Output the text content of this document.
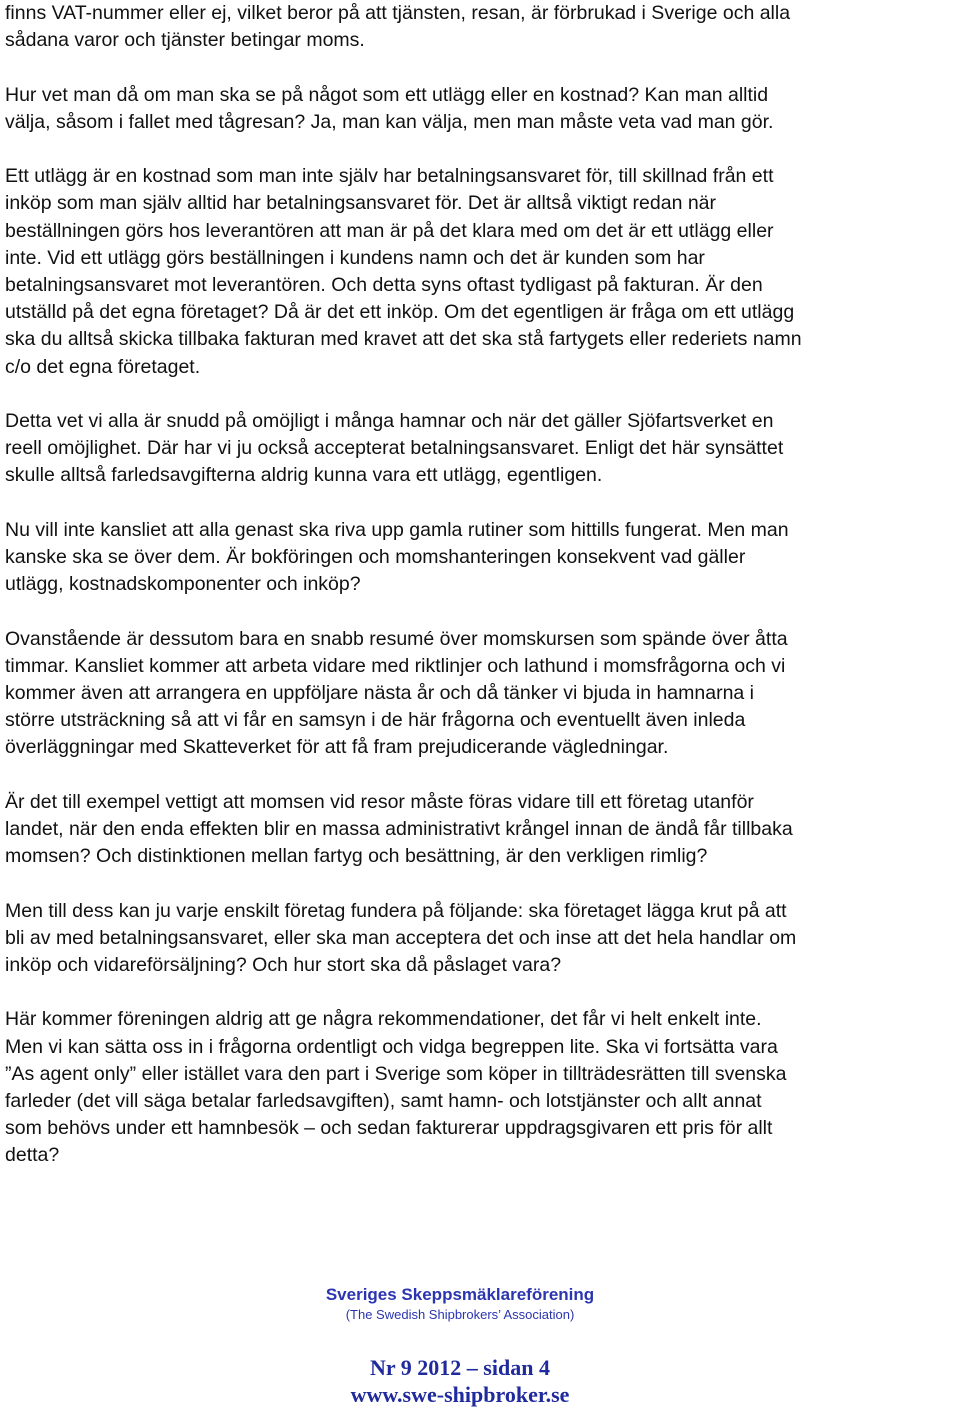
finns VAT-nummer eller ej, vilket beror på att tjänsten, resan, är förbrukad i Sverige och alla
sådana varor och tjänster betingar moms.

Hur vet man då om man ska se på något som ett utlägg eller en kostnad? Kan man alltid
välja, såsom i fallet med tågresan? Ja, man kan välja, men man måste veta vad man gör.

Ett utlägg är en kostnad som man inte själv har betalningsansvaret för, till skillnad från ett
inköp som man själv alltid har betalningsansvaret för. Det är alltså viktigt redan när
beställningen görs hos leverantören att man är på det klara med om det är ett utlägg eller
inte. Vid ett utlägg görs beställningen i kundens namn och det är kunden som har
betalningsansvaret mot leverantören. Och detta syns oftast tydligast på fakturan. Är den
utställd på det egna företaget? Då är det ett inköp. Om det egentligen är fråga om ett utlägg
ska du alltså skicka tillbaka fakturan med kravet att det ska stå fartygets eller rederiets namn
c/o det egna företaget.

Detta vet vi alla är snudd på omöjligt i många hamnar och när det gäller Sjöfartsverket en
reell omöjlighet. Där har vi ju också accepterat betalningsansvaret. Enligt det här synsättet
skulle alltså farledsavgifterna aldrig kunna vara ett utlägg, egentligen.

Nu vill inte kansliet att alla genast ska riva upp gamla rutiner som hittills fungerat. Men man
kanske ska se över dem. Är bokföringen och momshanteringen konsekvent vad gäller
utlägg, kostnadskomponenter och inköp?

Ovanstående är dessutom bara en snabb resumé över momskursen som spände över åtta
timmar. Kansliet kommer att arbeta vidare med riktlinjer och lathund i momsfrågorna och vi
kommer även att arrangera en uppföljare nästa år och då tänker vi bjuda in hamnarna i
större utsträckning så att vi får en samsyn i de här frågorna och eventuellt även inleda
överläggningar med Skatteverket för att få fram prejudicerande vägledningar.

Är det till exempel vettigt att momsen vid resor måste föras vidare till ett företag utanför
landet, när den enda effekten blir en massa administrativt krångel innan de ändå får tillbaka
momsen? Och distinktionen mellan fartyg och besättning, är den verkligen rimlig?

Men till dess kan ju varje enskilt företag fundera på följande: ska företaget lägga krut på att
bli av med betalningsansvaret, eller ska man acceptera det och inse att det hela handlar om
inköp och vidareförsäljning? Och hur stort ska då påslaget vara?

Här kommer föreningen aldrig att ge några rekommendationer, det får vi helt enkelt inte.
Men vi kan sätta oss in i frågorna ordentligt och vidga begreppen lite. Ska vi fortsätta vara
”As agent only” eller istället vara den part i Sverige som köper in tillträdesrätten till svenska
farleder (det vill säga betalar farledsavgiften), samt hamn- och lotstjänster och allt annat
som behövs under ett hamnbesök – och sedan fakturerar uppdragsgivaren ett pris för allt
detta?

Sveriges Skeppsmäklareförening
(The Swedish Shipbrokers’ Association)
Nr 9 2012 – sidan 4
www.swe-shipbroker.se
